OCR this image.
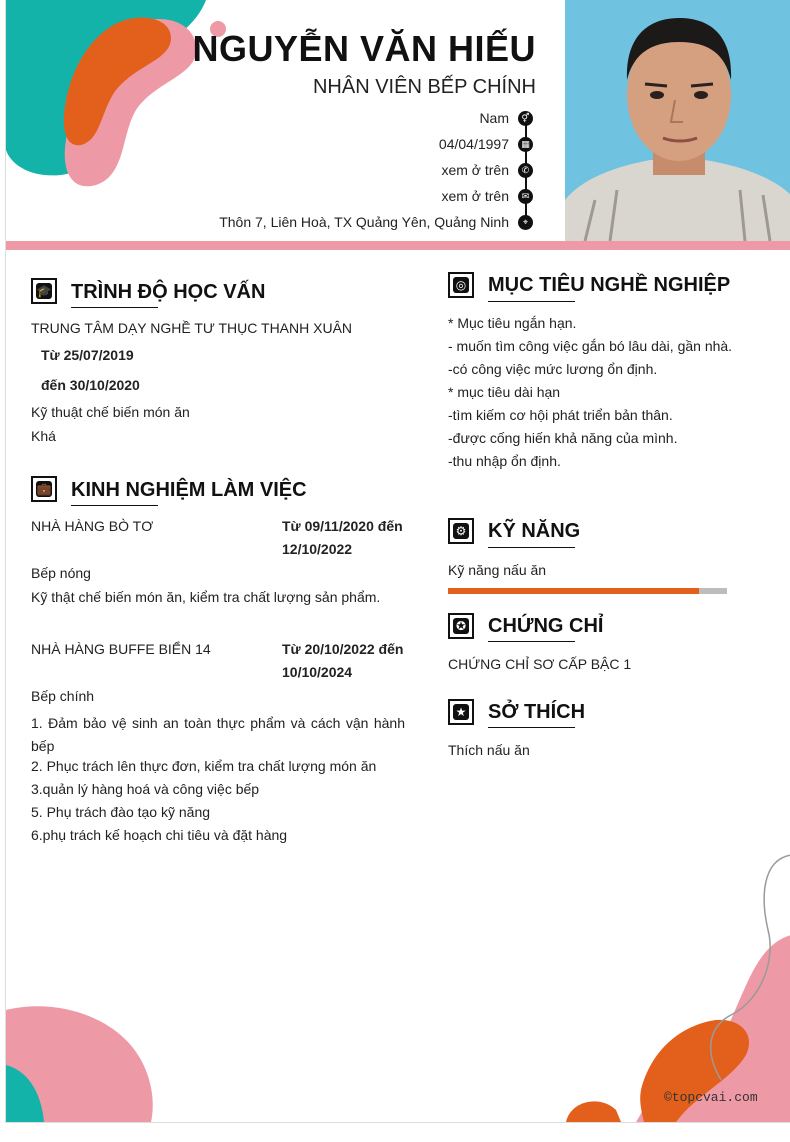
NGUYỄN VĂN HIẾU
NHÂN VIÊN BẾP CHÍNH
Nam	⚥
04/04/1997	▦
xem ở trên	✆
xem ở trên	✉
Thôn 7, Liên Hoà, TX Quảng Yên, Quảng Ninh	⌖
🎓 TRÌNH ĐỘ HỌC VẤN
TRUNG TÂM DẠY NGHỀ TƯ THỤC THANH XUÂN
Từ 25/07/2019
đến 30/10/2020
Kỹ thuật chế biến món ăn
Khá
💼 KINH NGHIỆM LÀM VIỆC
NHÀ HÀNG BÒ TƠ	Từ 09/11/2020 đến
12/10/2022
Bếp nóng
Kỹ thật chế biến món ăn, kiểm tra chất lượng sản phẩm.
NHÀ HÀNG BUFFE BIỂN 14	Từ 20/10/2022 đến
10/10/2024
Bếp chính
1. Đảm bảo vệ sinh an toàn thực phẩm và cách vận hành bếp
2. Phục trách lên thực đơn, kiểm tra chất lượng món ăn
3.quản lý hàng hoá và công việc bếp
5. Phụ trách đào tạo kỹ năng
6.phụ trách kế hoạch chi tiêu và đặt hàng
◎ MỤC TIÊU NGHỀ NGHIỆP
* Mục tiêu ngắn hạn.
- muốn tìm công việc gắn bó lâu dài, gần nhà.
-có công việc mức lương ổn định.
* mục tiêu dài hạn
-tìm kiếm cơ hội phát triển bản thân.
-được cống hiến khả năng của mình.
-thu nhập ổn định.
⚙ KỸ NĂNG
Kỹ năng nấu ăn
✪ CHỨNG CHỈ
CHỨNG CHỈ SƠ CẤP BẬC 1
★ SỞ THÍCH
Thích nấu ăn
©topcvai.com
